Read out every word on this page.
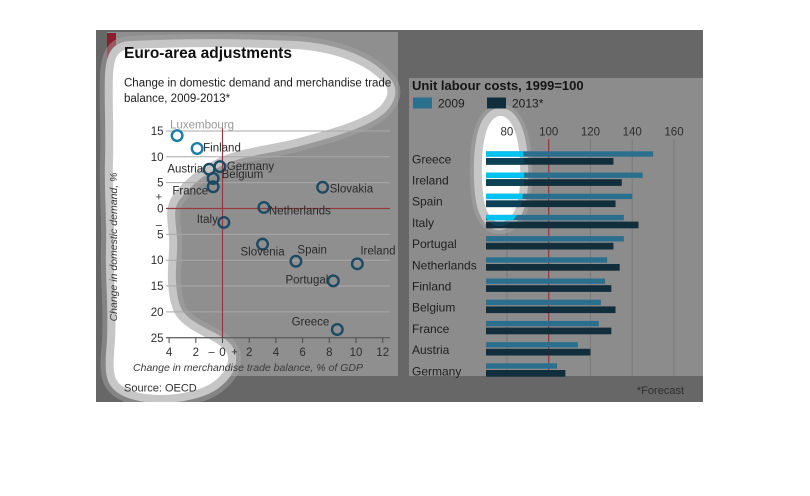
4 2 0 2 4 6 8 10 12
– +
15
10
5
0
5
10
15
20
25
+
–
Euro-area adjustments
Change in domestic demand and merchandise trade
balance, 2009-2013*
Change in domestic demand, %
Change in merchandise trade balance, % of GDP
Source: OECD
Luxembourg
Finland
Germany
Austria Belgium
France	Slovakia
Netherlands
Italy
Slovenia Spain	Ireland
Portugal
Greece
80 100 120 140 160
Greece
Ireland
Spain
Italy
Portugal
Netherlands
Finland
Belgium
France
Austria
Germany
Unit labour costs, 1999=100
2009	2013*
*Forecast
